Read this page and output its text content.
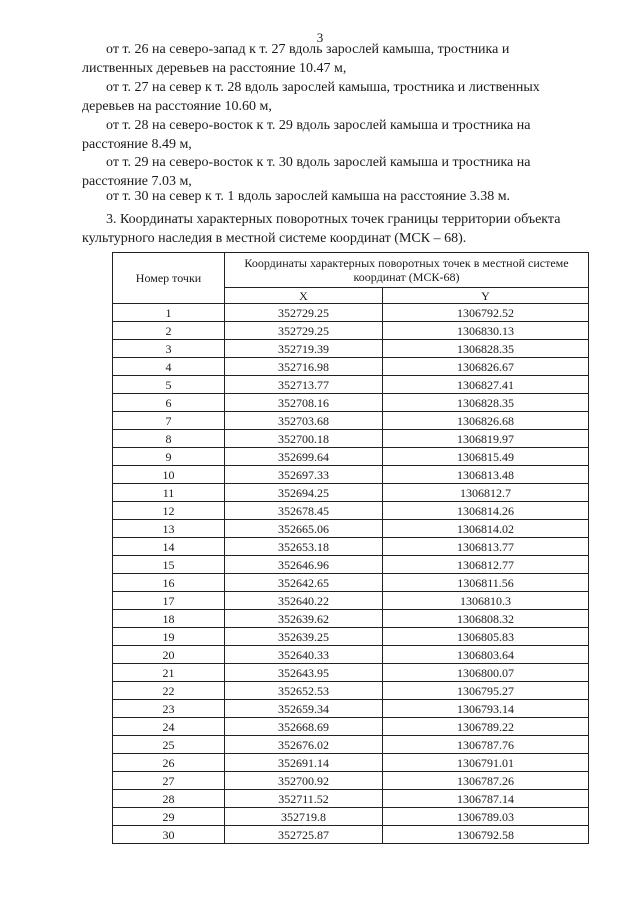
3
от т. 26 на северо-запад к т. 27 вдоль зарослей камыша, тростника и
лиственных деревьев на расстояние 10.47 м,
от т. 27 на север к т. 28 вдоль зарослей камыша, тростника и лиственных
деревьев на расстояние 10.60 м,
от т. 28 на северо-восток к т. 29 вдоль зарослей камыша и тростника на
расстояние 8.49 м,
от т. 29 на северо-восток к т. 30 вдоль зарослей камыша и тростника на
расстояние 7.03 м,
от т. 30 на север к т. 1 вдоль зарослей камыша на расстояние 3.38 м.
3. Координаты характерных поворотных точек границы территории объекта
культурного наследия в местной системе координат (МСК – 68).
Номер точки	Координаты характерных поворотных точек в местной системе координат (МСК-68)	
	X	Y
1	352729.25	1306792.52
2	352729.25	1306830.13
3	352719.39	1306828.35
4	352716.98	1306826.67
5	352713.77	1306827.41
6	352708.16	1306828.35
7	352703.68	1306826.68
8	352700.18	1306819.97
9	352699.64	1306815.49
10	352697.33	1306813.48
11	352694.25	1306812.7
12	352678.45	1306814.26
13	352665.06	1306814.02
14	352653.18	1306813.77
15	352646.96	1306812.77
16	352642.65	1306811.56
17	352640.22	1306810.3
18	352639.62	1306808.32
19	352639.25	1306805.83
20	352640.33	1306803.64
21	352643.95	1306800.07
22	352652.53	1306795.27
23	352659.34	1306793.14
24	352668.69	1306789.22
25	352676.02	1306787.76
26	352691.14	1306791.01
27	352700.92	1306787.26
28	352711.52	1306787.14
29	352719.8	1306789.03
30	352725.87	1306792.58
